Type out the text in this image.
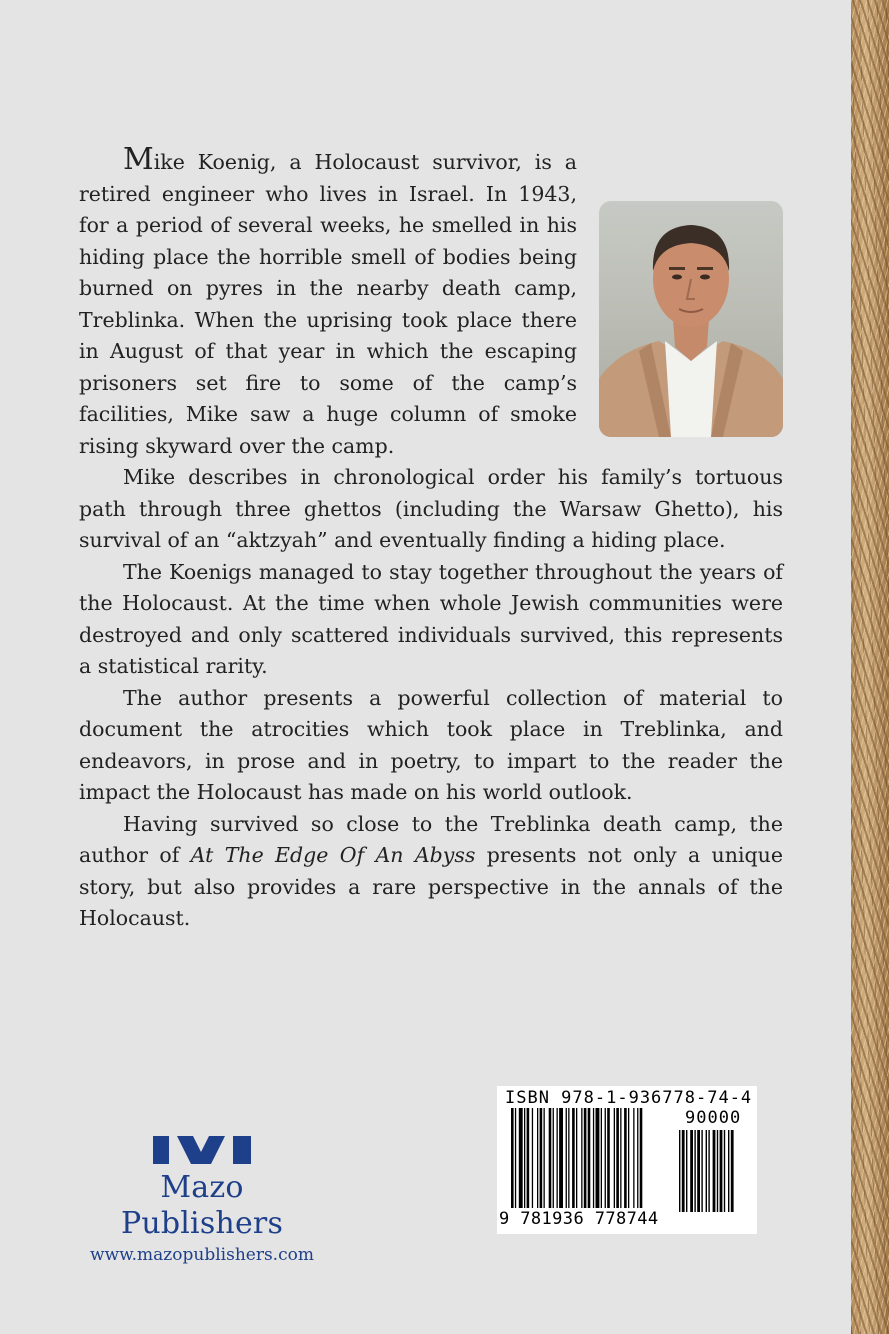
Mike Koenig, a Holocaust survivor, is a retired engineer who lives in Israel. In 1943, for a period of several weeks, he smelled in his hiding place the horrible smell of bodies being burned on pyres in the nearby death camp, Treblinka. When the uprising took place there in August of that year in which the escaping prisoners set fire to some of the camp’s facilities, Mike saw a huge column of smoke rising skyward over the camp.

Mike describes in chronological order his family’s tortuous path through three ghettos (including the Warsaw Ghetto), his survival of an “aktzyah” and eventually finding a hiding place.

The Koenigs managed to stay together throughout the years of the Holocaust. At the time when whole Jewish communities were destroyed and only scattered individuals survived, this represents a statistical rarity.

The author presents a powerful collection of material to document the atrocities which took place in Treblinka, and endeavors, in prose and in poetry, to impart to the reader the impact the Holocaust has made on his world outlook.

Having survived so close to the Treblinka death camp, the author of At The Edge Of An Abyss presents not only a unique story, but also provides a rare perspective in the annals of the Holocaust.

Mazo Publishers
www.mazopublishers.com
ISBN 978-1-936778-74-4
90000
9 781936 778744
